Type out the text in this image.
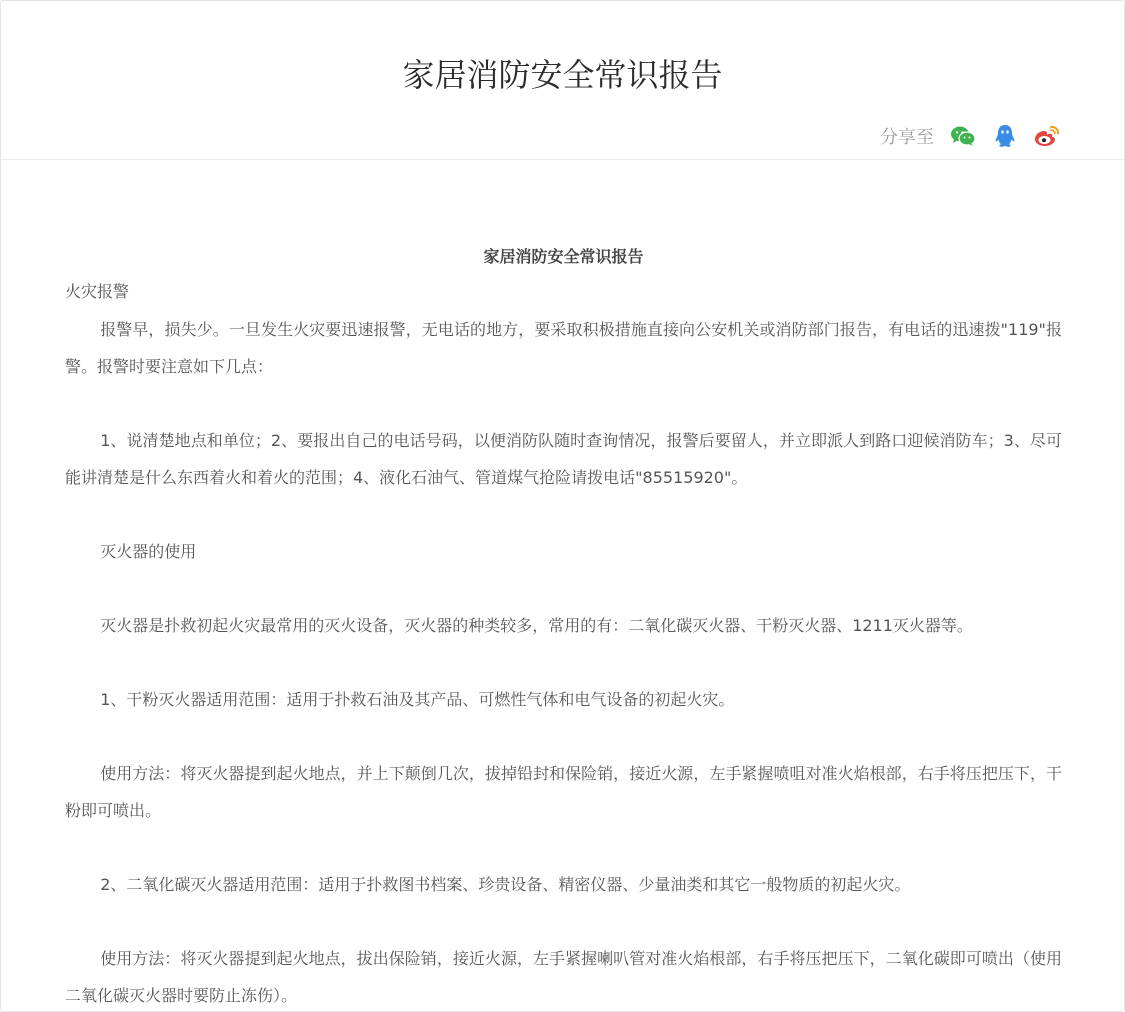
家居消防安全常识报告
分享至

家居消防安全常识报告

火灾报警

报警早，损失少。一旦发生火灾要迅速报警，无电话的地方，要采取积极措施直接向公安机关或消防部门报告，有电话的迅速拨"119"报警。报警时要注意如下几点：

1、说清楚地点和单位；2、要报出自己的电话号码，以便消防队随时查询情况，报警后要留人，并立即派人到路口迎候消防车；3、尽可能讲清楚是什么东西着火和着火的范围；4、液化石油气、管道煤气抢险请拨电话"85515920"。

灭火器的使用

灭火器是扑救初起火灾最常用的灭火设备，灭火器的种类较多，常用的有：二氧化碳灭火器、干粉灭火器、1211灭火器等。

1、干粉灭火器适用范围：适用于扑救石油及其产品、可燃性气体和电气设备的初起火灾。

使用方法：将灭火器提到起火地点，并上下颠倒几次，拔掉铅封和保险销，接近火源，左手紧握喷咀对准火焰根部，右手将压把压下，干粉即可喷出。

2、二氧化碳灭火器适用范围：适用于扑救图书档案、珍贵设备、精密仪器、少量油类和其它一般物质的初起火灾。

使用方法：将灭火器提到起火地点，拔出保险销，接近火源，左手紧握喇叭管对准火焰根部，右手将压把压下，二氧化碳即可喷出（使用二氧化碳灭火器时要防止冻伤）。
